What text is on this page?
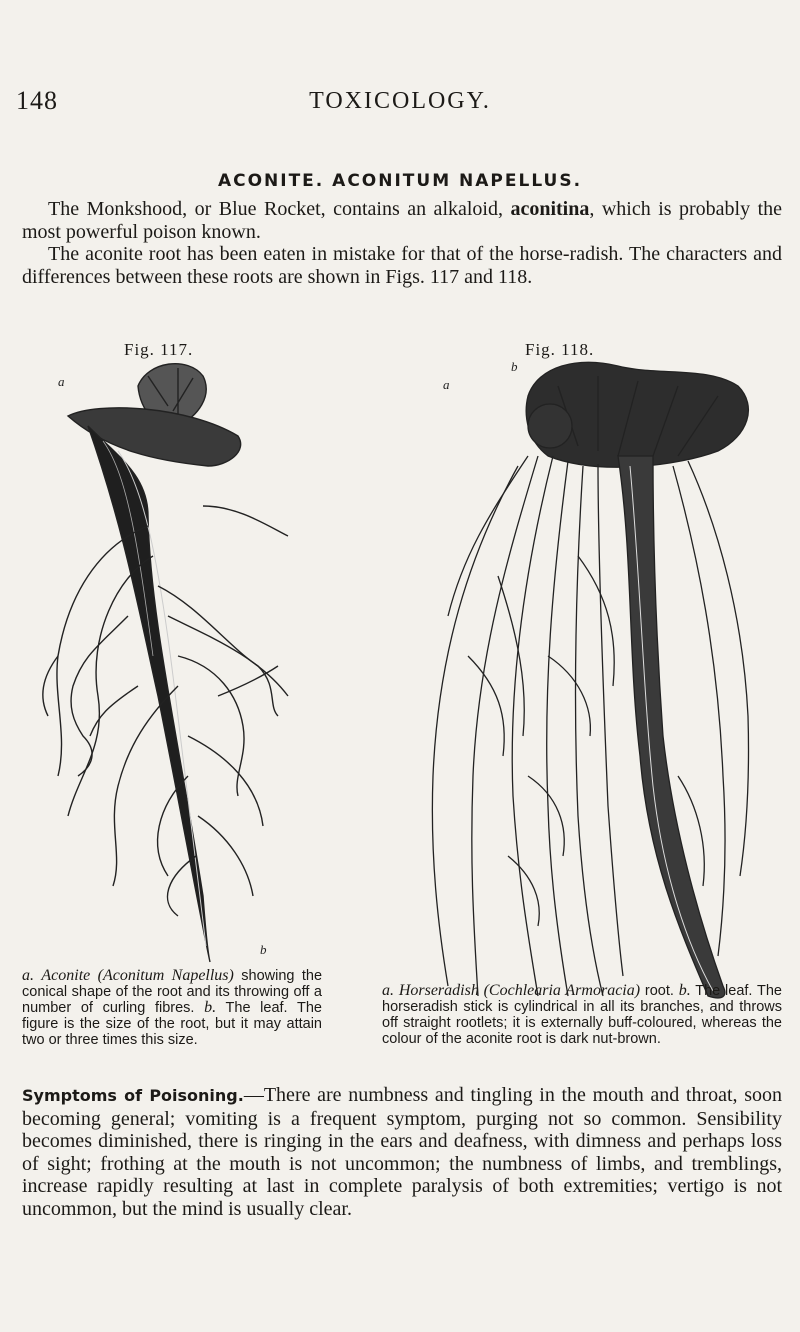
148	TOXICOLOGY.
ACONITE. ACONITUM NAPELLUS.

The Monkshood, or Blue Rocket, contains an alkaloid, aconitina, which is probably the most powerful poison known.

The aconite root has been eaten in mistake for that of the horse-radish. The characters and differences between these roots are shown in Figs. 117 and 118.

Fig. 117.	Fig. 118.
a
b
a
b
a. Aconite (Aconitum Napellus) showing the conical shape of the root and its throwing off a number of curling fibres. b. The leaf. The figure is the size of the root, but it may attain two or three times this size.
a. Horseradish (Cochlearia Armoracia) root. b. The leaf. The horseradish stick is cylindrical in all its branches, and throws off straight rootlets; it is externally buff-coloured, whereas the colour of the aconite root is dark nut-brown.
Symptoms of Poisoning.—There are numbness and tingling in the mouth and throat, soon becoming general; vomiting is a frequent symptom, purging not so common. Sensibility becomes diminished, there is ringing in the ears and deafness, with dimness and perhaps loss of sight; frothing at the mouth is not uncommon; the numbness of limbs, and tremblings, increase rapidly resulting at last in complete paralysis of both extremities; vertigo is not uncommon, but the mind is usually clear.
